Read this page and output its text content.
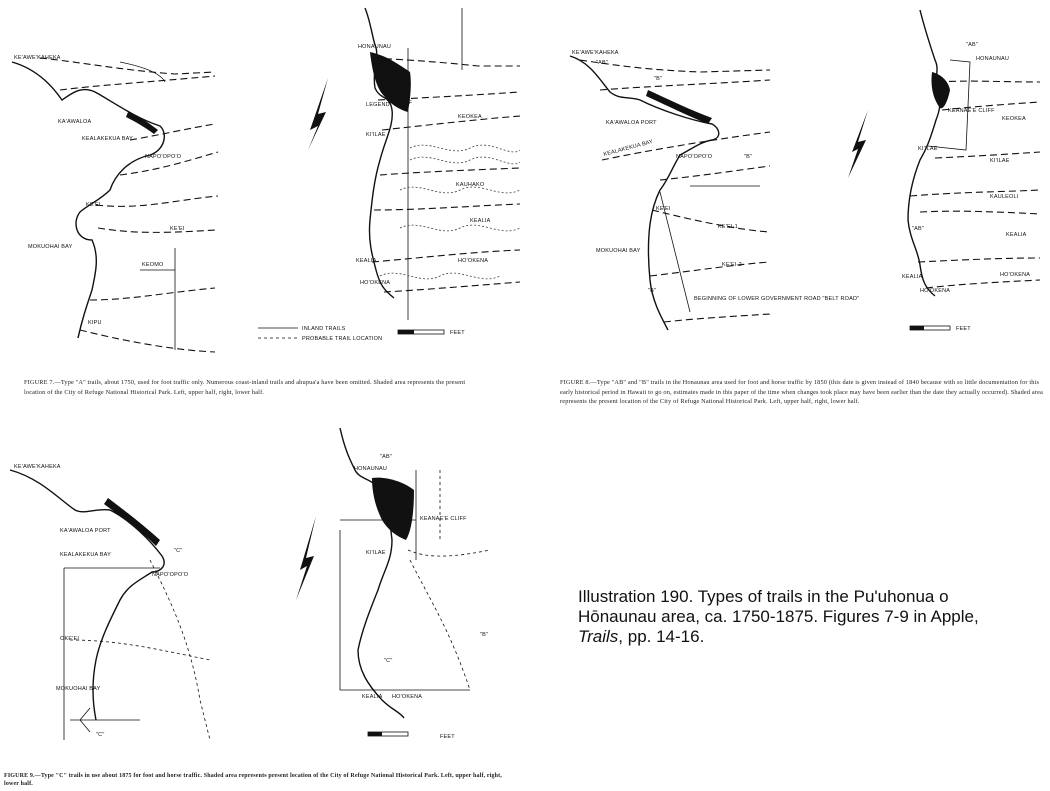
KE'AWE'KAHEKA
KA'AWALOA
KEALAKEKUA BAY
NAPO'OPO'O
KE'EI
KE'EI
MOKUOHAI BAY
KEOMO
KIPU
HONAUNAU
KEOKEA
KI'ILAE
KAUHAKO
KEALIA
KEALIA	HO'OKENA
HO'OKENA
CLIFF
LEGEND
INLAND TRAILS
PROBABLE TRAIL LOCATION
FEET
KE'AWE'KAHEKA
"AB"
"B"
KA'AWALOA PORT
KEALAKEKUA BAY	NAPO'OPO'O	"B"
KE'EI
KE'EI-1
MOKUOHAI BAY
KE'EI-2
"B"
BEGINNING OF LOWER GOVERNMENT ROAD "BELT ROAD"
"AB"
HONAUNAU
KEANAE'E CLIFF
KEOKEA
KI'ILAE
KI'ILAE
KAULEOLI
KEALIA
"AB"
KEALIA	HO'OKENA
HO'OKENA
FEET
KE'AWE'KAHEKA
KA'AWALOA PORT
KEALAKEKUA BAY
NAPO'OPO'O
"C"
OKE'EI
MOKUOHAI BAY
"C"
HONAUNAU
"AB"
KI'ILAE
KEANAE'E CLIFF
"B"
KEALIA HO'OKENA
"C"
FEET
FIGURE 7.—Type "A" trails, about 1750, used for foot traffic only. Numerous coast-inland trails and ahupua'a have been omitted. Shaded area represents the present location of the City of Refuge National Historical Park. Left, upper half, right, lower half.
FIGURE 8.—Type "AB" and "B" trails in the Honaunau area used for foot and horse traffic by 1850 (this date is given instead of 1840 because with so little documentation for this early historical period in Hawaii to go on, estimates made in this paper of the time when changes took place may have been earlier than the date they actually occurred). Shaded area represents the present location of the City of Refuge National Historical Park. Left, upper half, right, lower half.
FIGURE 9.—Type "C" trails in use about 1875 for foot and horse traffic. Shaded area represents present location of the City of Refuge National Historical Park. Left, upper half, right, lower half.
Illustration 190. Types of trails in the Pu'uhonua o
Hōnaunau area, ca. 1750-1875. Figures 7-9 in Apple,
Trails, pp. 14-16.
